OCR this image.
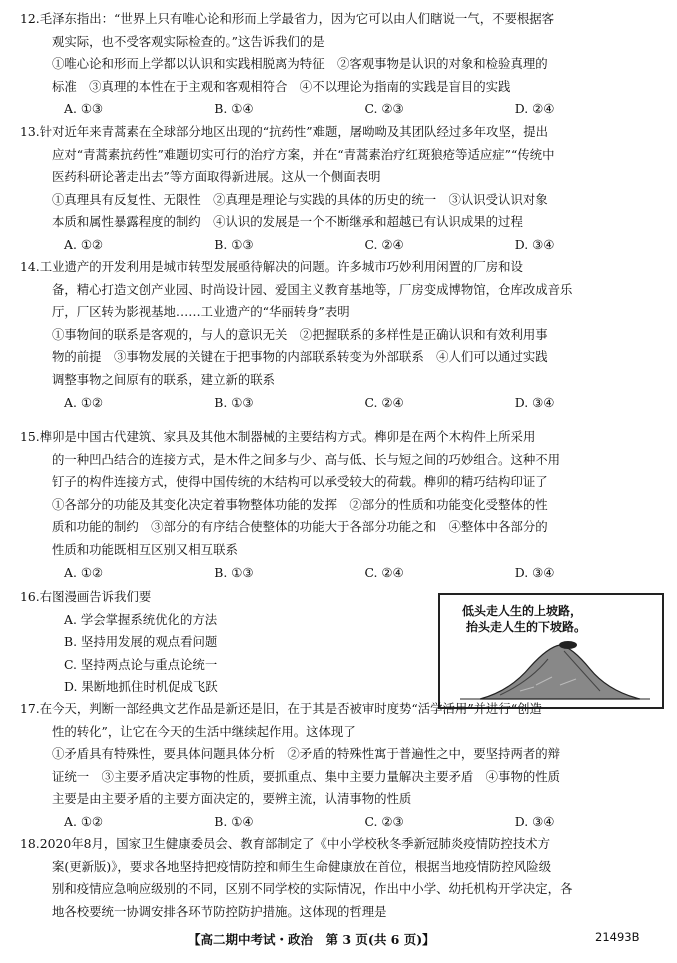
12.毛泽东指出：“世界上只有唯心论和形而上学最省力，因为它可以由人们瞎说一气，不要根据客
观实际，也不受客观实际检查的。”这告诉我们的是
①唯心论和形而上学都以认识和实践相脱离为特征　②客观事物是认识的对象和检验真理的
标准　③真理的本性在于主观和客观相符合　④不以理论为指南的实践是盲目的实践
A. ①③	B. ①④	C. ②③	D. ②④
13.针对近年来青蒿素在全球部分地区出现的“抗药性”难题，屠呦呦及其团队经过多年攻坚，提出
应对“青蒿素抗药性”难题切实可行的治疗方案，并在“青蒿素治疗红斑狼疮等适应症”“传统中
医药科研论著走出去”等方面取得新进展。这从一个侧面表明
①真理具有反复性、无限性　②真理是理论与实践的具体的历史的统一　③认识受认识对象
本质和属性暴露程度的制约　④认识的发展是一个不断继承和超越已有认识成果的过程
A. ①②	B. ①③	C. ②④	D. ③④
14.工业遗产的开发利用是城市转型发展亟待解决的问题。许多城市巧妙利用闲置的厂房和设
备，精心打造文创产业园、时尚设计园、爱国主义教育基地等，厂房变成博物馆，仓库改成音乐
厅，厂区转为影视基地……工业遗产的“华丽转身”表明
①事物间的联系是客观的，与人的意识无关　②把握联系的多样性是正确认识和有效利用事
物的前提　③事物发展的关键在于把事物的内部联系转变为外部联系　④人们可以通过实践
调整事物之间原有的联系，建立新的联系
A. ①②	B. ①③	C. ②④	D. ③④
15.榫卯是中国古代建筑、家具及其他木制器械的主要结构方式。榫卯是在两个木构件上所采用
的一种凹凸结合的连接方式，是木件之间多与少、高与低、长与短之间的巧妙组合。这种不用
钉子的构件连接方式，使得中国传统的木结构可以承受较大的荷载。榫卯的精巧结构印证了
①各部分的功能及其变化决定着事物整体功能的发挥　②部分的性质和功能变化受整体的性
质和功能的制约　③部分的有序结合使整体的功能大于各部分功能之和　④整体中各部分的
性质和功能既相互区别又相互联系
A. ①②	B. ①③	C. ②④	D. ③④
16.右图漫画告诉我们要
A. 学会掌握系统优化的方法
B. 坚持用发展的观点看问题
C. 坚持两点论与重点论统一
D. 果断地抓住时机促成飞跃
低头走人生的上坡路，
抬头走人生的下坡路。
17.在今天，判断一部经典文艺作品是新还是旧，在于其是否被审时度势“活学活用”并进行“创造
性的转化”，让它在今天的生活中继续起作用。这体现了
①矛盾具有特殊性，要具体问题具体分析　②矛盾的特殊性寓于普遍性之中，要坚持两者的辩
证统一　③主要矛盾决定事物的性质，要抓重点、集中主要力量解决主要矛盾　④事物的性质
主要是由主要矛盾的主要方面决定的，要辨主流，认清事物的性质
A. ①②	B. ①④	C. ②③	D. ③④
18.2020年8月，国家卫生健康委员会、教育部制定了《中小学校秋冬季新冠肺炎疫情防控技术方
案(更新版)》，要求各地坚持把疫情防控和师生生命健康放在首位，根据当地疫情防控风险级
别和疫情应急响应级别的不同，区别不同学校的实际情况，作出中小学、幼托机构开学决定，各
地各校要统一协调安排各环节防控防护措施。这体现的哲理是
【高二期中考试・政治　第 3 页(共 6 页)】	21493B
